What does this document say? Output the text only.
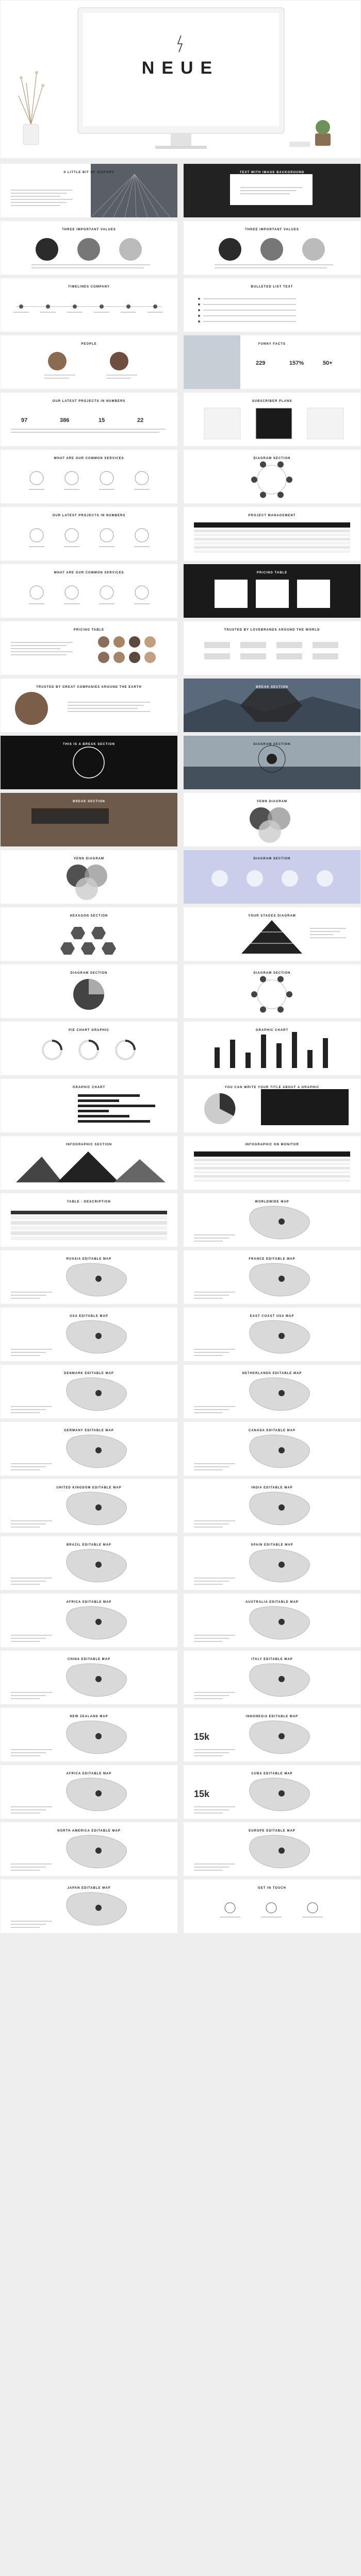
NEUE
A LITTLE BIT OF HISTORY	TEXT WITH IMAGE BACKGROUND
THREE IMPORTANT VALUES	THREE IMPORTANT VALUES
TIMELINES COMPANY	BULLETED LIST TEXT
PEOPLE	FUNNY FACTS
229	157%	50+
OUR LATEST PROJECTS IN NUMBERS
97	386	15	22
SUBSCRIBER PLANS
WHAT ARE OUR COMMON SERVICES	DIAGRAM SECTION
OUR LATEST PROJECTS IN NUMBERS	PROJECT MANAGEMENT
WHAT ARE OUR COMMON SERVICES	PRICING TABLE
PRICING TABLE	TRUSTED BY LOVEBRANDS AROUND THE WORLD
TRUSTED BY GREAT COMPANIES AROUND THE EARTH	BREAK SECTION
THIS IS A BREAK SECTION	DIAGRAM SECTION
BREAK SECTION	VENN DIAGRAM
VENN DIAGRAM	DIAGRAM SECTION
HEXAGON SECTION	YOUR STAGES DIAGRAM
DIAGRAM SECTION	DIAGRAM SECTION
PIE CHART GRAPHIC	GRAPHIC CHART
GRAPHIC CHART	YOU CAN WRITE YOUR TITLE ABOUT A GRAPHIC
INFOGRAPHIC SECTION	INFOGRAPHIC ON MONITOR
TABLE - DESCRIPTION	WORLDWIDE MAP
RUSSIA EDITABLE MAP	FRANCE EDITABLE MAP
USA EDITABLE MAP	EAST COAST USA MAP
DENMARK EDITABLE MAP	NETHERLANDS EDITABLE MAP
GERMANY EDITABLE MAP	CANADA EDITABLE MAP
UNITED KINGDOM EDITABLE MAP	INDIA EDITABLE MAP
BRAZIL EDITABLE MAP	SPAIN EDITABLE MAP
AFRICA EDITABLE MAP	AUSTRALIA EDITABLE MAP
CHINA EDITABLE MAP	ITALY EDITABLE MAP
NEW ZEALAND MAP	INDONESIA EDITABLE MAP
15k
AFRICA EDITABLE MAP	CUBA EDITABLE MAP
15k
NORTH AMERICA EDITABLE MAP	EUROPE EDITABLE MAP
JAPAN EDITABLE MAP	GET IN TOUCH
